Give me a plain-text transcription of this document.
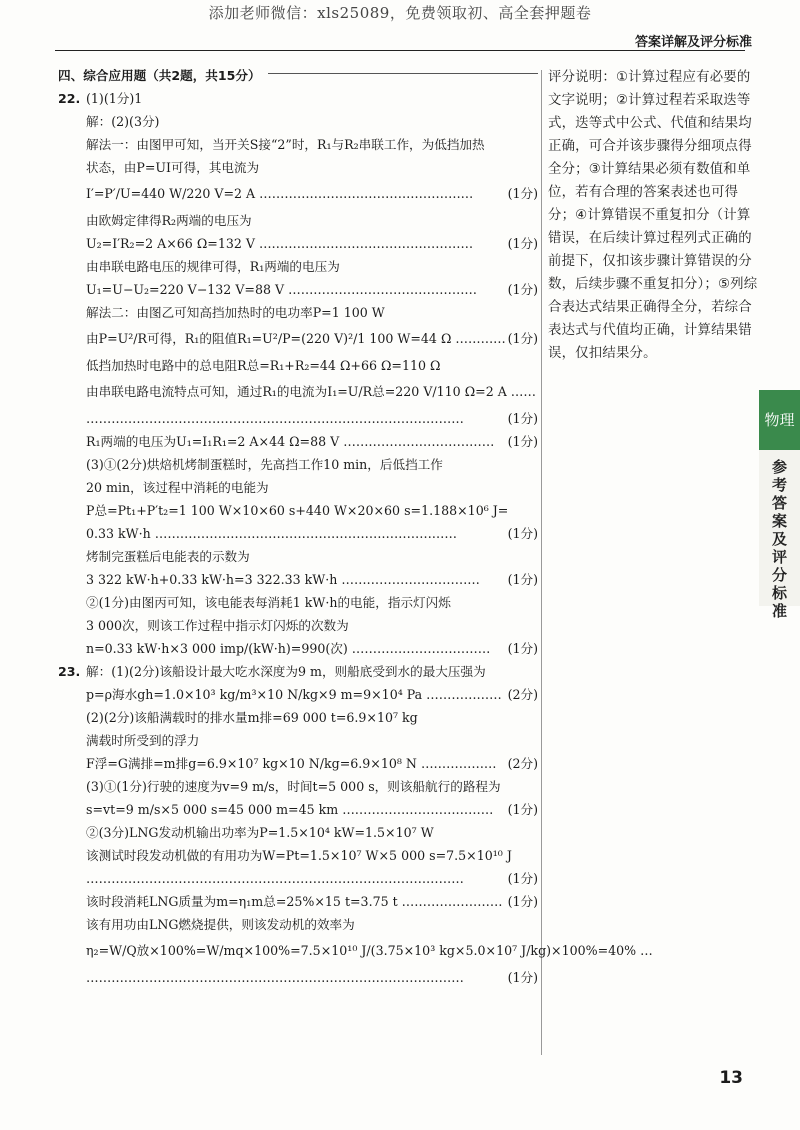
添加老师微信：xls25089，免费领取初、高全套押题卷
答案详解及评分标准
评分说明：①计算过程应有必要的文字说明；②计算过程若采取迭等式，迭等式中公式、代值和结果均正确，可合并该步骤得分细项点得全分；③计算结果必须有数值和单位，若有合理的答案表述也可得分；④计算错误不重复扣分（计算错误，在后续计算过程列式正确的前提下，仅扣该步骤计算错误的分数，后续步骤不重复扣分）；⑤列综合表达式结果正确得全分，若综合表达式与代值均正确，计算结果错误，仅扣结果分。
物理
参考答案及评分标准
四、综合应用题（共2题，共15分）
22. (1)(1分)1
解：(2)(3分)
解法一：由图甲可知，当开关S接“2”时，R₁与R₂串联工作，为低挡加热
状态，由P=UI可得，其电流为
(1分)
I′=P′/U=440 W/220 V=2 A ……………………………………………
由欧姆定律得R₂两端的电压为
(1分)
U₂=I′R₂=2 A×66 Ω=132 V ……………………………………………
由串联电路电压的规律可得，R₁两端的电压为
(1分)
U₁=U−U₂=220 V−132 V=88 V ………………………………………
解法二：由图乙可知高挡加热时的电功率P=1 100 W
(1分)
由P=U²/R可得，R₁的阻值R₁=U²/P=(220 V)²/1 100 W=44 Ω …………
低挡加热时电路中的总电阻R总=R₁+R₂=44 Ω+66 Ω=110 Ω
由串联电路电流特点可知，通过R₁的电流为I₁=U/R总=220 V/110 Ω=2 A ……
(1分)
………………………………………………………………………………
(1分)
R₁两端的电压为U₁=I₁R₁=2 A×44 Ω=88 V ………………………………
(3)①(2分)烘焙机烤制蛋糕时，先高挡工作10 min，后低挡工作
20 min，该过程中消耗的电能为
P总=Pt₁+P′t₂=1 100 W×10×60 s+440 W×20×60 s=1.188×10⁶ J=
(1分)
0.33 kW·h ………………………………………………………………
烤制完蛋糕后电能表的示数为
(1分)
3 322 kW·h+0.33 kW·h=3 322.33 kW·h ……………………………
②(1分)由图丙可知，该电能表每消耗1 kW·h的电能，指示灯闪烁
3 000次，则该工作过程中指示灯闪烁的次数为
(1分)
n=0.33 kW·h×3 000 imp/(kW·h)=990(次) ……………………………
23. 解：(1)(2分)该船设计最大吃水深度为9 m，则船底受到水的最大压强为
(2分)
p=ρ海水gh=1.0×10³ kg/m³×10 N/kg×9 m=9×10⁴ Pa ………………
(2)(2分)该船满载时的排水量m排=69 000 t=6.9×10⁷ kg
满载时所受到的浮力
(2分)
F浮=G满排=m排g=6.9×10⁷ kg×10 N/kg=6.9×10⁸ N ………………
(3)①(1分)行驶的速度为v=9 m/s，时间t=5 000 s，则该船航行的路程为
(1分)
s=vt=9 m/s×5 000 s=45 000 m=45 km ………………………………
②(3分)LNG发动机输出功率为P=1.5×10⁴ kW=1.5×10⁷ W
该测试时段发动机做的有用功为W=Pt=1.5×10⁷ W×5 000 s=7.5×10¹⁰ J
(1分)
………………………………………………………………………………
(1分)
该时段消耗LNG质量为m=η₁m总=25%×15 t=3.75 t ……………………
该有用功由LNG燃烧提供，则该发动机的效率为
η₂=W/Q放×100%=W/mq×100%=7.5×10¹⁰ J/(3.75×10³ kg×5.0×10⁷ J/kg)×100%=40% …
(1分)
………………………………………………………………………………
13
